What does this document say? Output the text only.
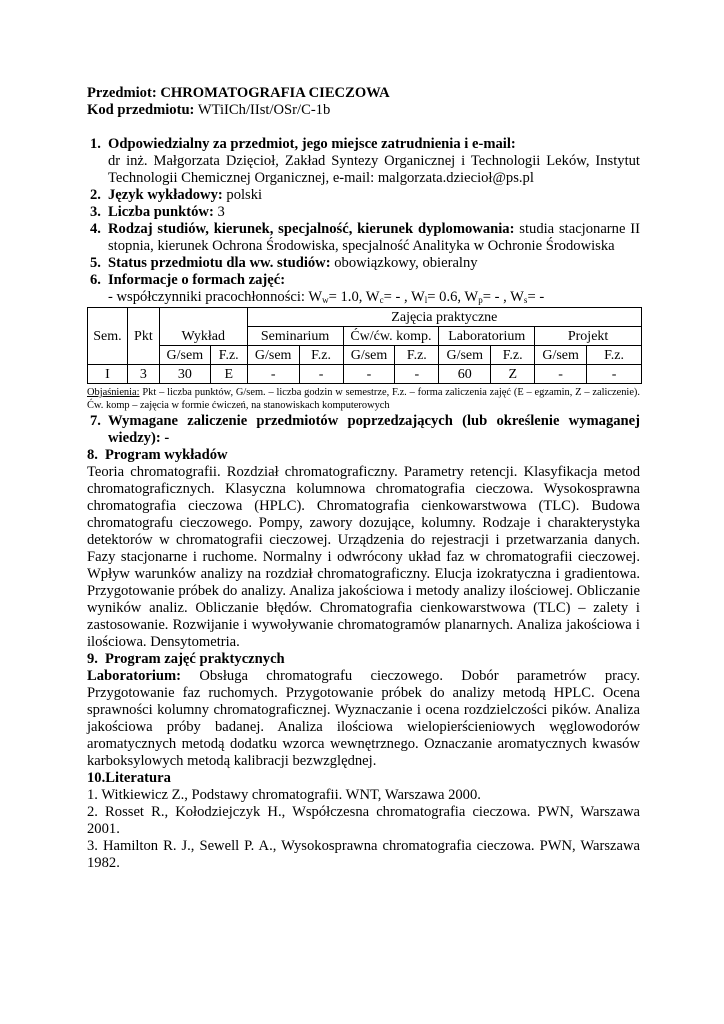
Przedmiot: CHROMATOGRAFIA CIECZOWA

Kod przedmiotu: WTiICh/IIst/OSr/C-1b

1. Odpowiedzialny za przedmiot, jego miejsce zatrudnienia i e-mail:
dr inż. Małgorzata Dzięcioł, Zakład Syntezy Organicznej i Technologii Leków, Instytut Technologii Chemicznej Organicznej, e-mail: malgorzata.dziecioł@ps.pl
2. Język wykładowy: polski
3. Liczba punktów: 3
4. Rodzaj studiów, kierunek, specjalność, kierunek dyplomowania: studia stacjonarne II stopnia, kierunek Ochrona Środowiska, specjalność Analityka w Ochronie Środowiska
5. Status przedmiotu dla ww. studiów: obowiązkowy, obieralny
6. Informacje o formach zajęć:
- współczynniki pracochłonności: $W_w= 1.0$, $W_c=$ - , $W_l= 0.6$, $W_p=$ - , $W_s=$ -
Sem.	Pkt	Wykład		Zajęcia praktyczne							
				Seminarium		Ćw/ćw. komp.		Laboratorium		Projekt	
		G/sem	F.z.	G/sem	F.z.	G/sem	F.z.	G/sem	F.z.	G/sem	F.z.
I	3	30	E	-	-	-	-	60	Z	-	-

Objaśnienia: Pkt – liczba punktów, G/sem. – liczba godzin w semestrze, F.z. – forma zaliczenia zajęć (E – egzamin, Z – zaliczenie). Ćw. komp – zajęcia w formie ćwiczeń, na stanowiskach komputerowych

7. Wymagane zaliczenie przedmiotów poprzedzających (lub określenie wymaganej wiedzy): -

8. Program wykładów

Teoria chromatografii. Rozdział chromatograficzny. Parametry retencji. Klasyfikacja metod chromatograficznych. Klasyczna kolumnowa chromatografia cieczowa. Wysokosprawna chromatografia cieczowa (HPLC). Chromatografia cienkowarstwowa (TLC). Budowa chromatografu cieczowego. Pompy, zawory dozujące, kolumny. Rodzaje i charakterystyka detektorów w chromatografii cieczowej. Urządzenia do rejestracji i przetwarzania danych. Fazy stacjonarne i ruchome. Normalny i odwrócony układ faz w chromatografii cieczowej. Wpływ warunków analizy na rozdział chromatograficzny. Elucja izokratyczna i gradientowa. Przygotowanie próbek do analizy. Analiza jakościowa i metody analizy ilościowej. Obliczanie wyników analiz. Obliczanie błędów. Chromatografia cienkowarstwowa (TLC) – zalety i zastosowanie. Rozwijanie i wywoływanie chromatogramów planarnych. Analiza jakościowa i ilościowa. Densytometria.

9. Program zajęć praktycznych

Laboratorium: Obsługa chromatografu cieczowego. Dobór parametrów pracy. Przygotowanie faz ruchomych. Przygotowanie próbek do analizy metodą HPLC. Ocena sprawności kolumny chromatograficznej. Wyznaczanie i ocena rozdzielczości pików. Analiza jakościowa próby badanej. Analiza ilościowa wielopierścieniowych węglowodorów aromatycznych metodą dodatku wzorca wewnętrznego. Oznaczanie aromatycznych kwasów karboksylowych metodą kalibracji bezwzględnej.

10.Literatura

1. Witkiewicz Z., Podstawy chromatografii. WNT, Warszawa 2000.

2. Rosset R., Kołodziejczyk H., Współczesna chromatografia cieczowa. PWN, Warszawa 2001.

3. Hamilton R. J., Sewell P. A., Wysokosprawna chromatografia cieczowa. PWN, Warszawa 1982.
